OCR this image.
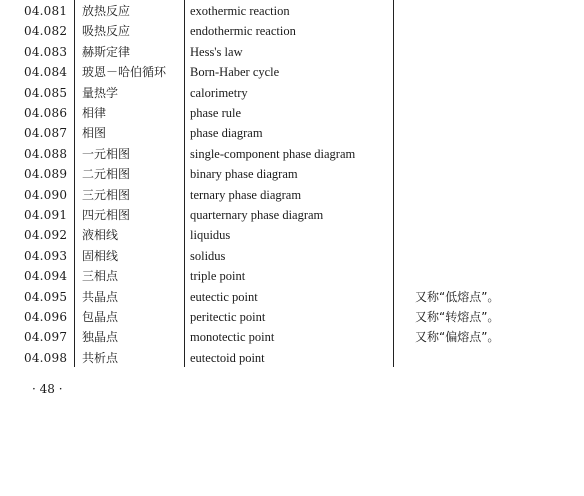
04.081 放热反应	exothermic reaction
04.082 吸热反应	endothermic reaction
04.083 赫斯定律	Hess's law
04.084 玻恩－哈伯循环 Born-Haber cycle
04.085 量热学	calorimetry
04.086 相律	phase rule
04.087 相图	phase diagram
04.088 一元相图	single-component phase diagram
04.089 二元相图	binary phase diagram
04.090 三元相图	ternary phase diagram
04.091 四元相图	quarternary phase diagram
04.092 液相线	liquidus
04.093 固相线	solidus
04.094 三相点	triple point
04.095 共晶点	eutectic point	又称“低熔点”。
04.096 包晶点	peritectic point	又称“转熔点”。
04.097 独晶点	monotectic point	又称“偏熔点”。
04.098 共析点	eutectoid point
· 48 ·
